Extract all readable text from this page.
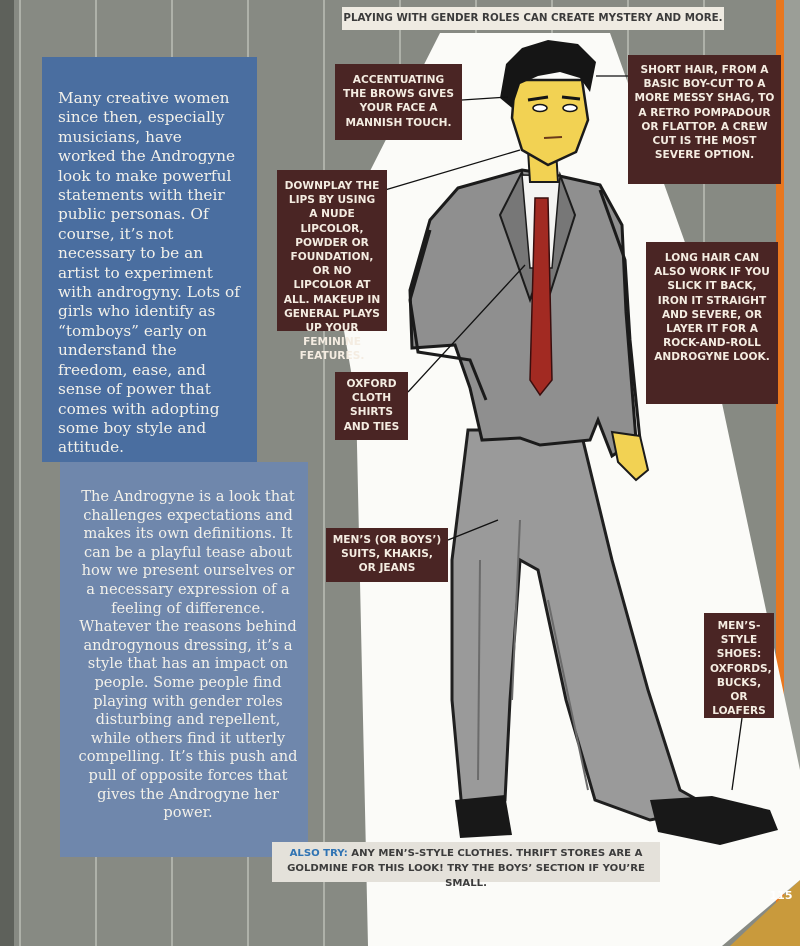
PLAYING WITH GENDER ROLES CAN CREATE MYSTERY AND MORE.

Many creative women since then, especially musicians, have worked the Androgyne look to make powerful statements with their public personas. Of course, it’s not necessary to be an artist to experiment with androgyny. Lots of girls who identify as “tomboys” early on understand the freedom, ease, and sense of power that comes with adopting some boy style and attitude.

The Androgyne is a look that challenges expectations and makes its own definitions. It can be a playful tease about how we present ourselves or a necessary expression of a feeling of difference. Whatever the reasons behind androgynous dressing, it’s a style that has an impact on people. Some people find playing with gender roles disturbing and repellent, while others find it utterly compelling. It’s this push and pull of opposite forces that gives the Androgyne her power.

ACCENTUATING THE BROWS GIVES YOUR FACE A MANNISH TOUCH.
SHORT HAIR, FROM A BASIC BOY-CUT TO A MORE MESSY SHAG, TO A RETRO POMPADOUR OR FLATTOP. A CREW CUT IS THE MOST SEVERE OPTION.
DOWNPLAY THE LIPS BY USING A NUDE LIPCOLOR, POWDER OR FOUNDATION, OR NO LIPCOLOR AT ALL. MAKEUP IN GENERAL PLAYS UP YOUR FEMININE FEATURES.
LONG HAIR CAN ALSO WORK IF YOU SLICK IT BACK, IRON IT STRAIGHT AND SEVERE, OR LAYER IT FOR A ROCK-AND-ROLL ANDROGYNE LOOK.
OXFORD CLOTH SHIRTS AND TIES
MEN’S (OR BOYS’) SUITS, KHAKIS, OR JEANS
MEN’S-STYLE SHOES: OXFORDS, BUCKS, OR LOAFERS
ALSO TRY: ANY MEN’S-STYLE CLOTHES. THRIFT STORES ARE A GOLDMINE FOR THIS LOOK! TRY THE BOYS’ SECTION IF YOU’RE SMALL.
115
